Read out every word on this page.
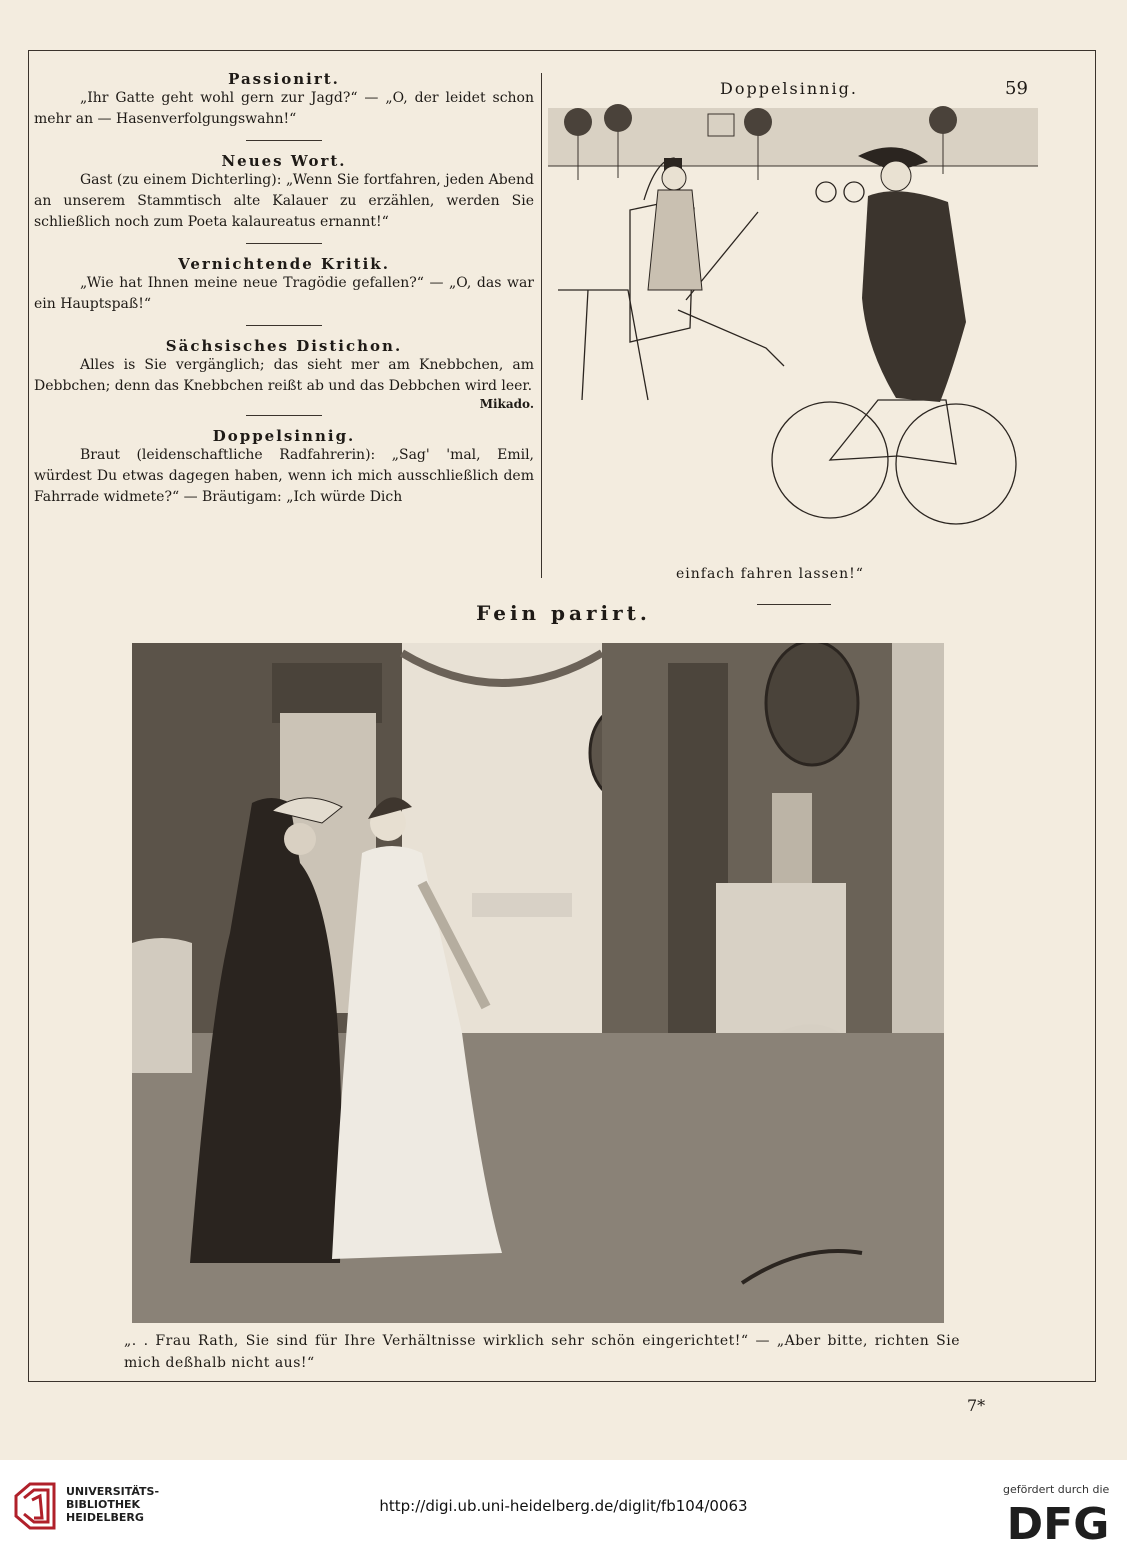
Passionirt.

„Ihr Gatte geht wohl gern zur Jagd?“ — „O, der leidet schon mehr an — Hasenverfolgungswahn!“

Neues Wort.

Gast (zu einem Dichterling): „Wenn Sie fortfahren, jeden Abend an unserem Stammtisch alte Kalauer zu erzählen, werden Sie schließlich noch zum Poeta kalaureatus ernannt!“

Vernichtende Kritik.

„Wie hat Ihnen meine neue Tragödie gefallen?“ — „O, das war ein Hauptspaß!“

Sächsisches Distichon.

Alles is Sie vergänglich; das sieht mer am Knebbchen, am Debbchen; denn das Knebbchen reißt ab und das Debbchen wird leer.

Mikado.

Doppelsinnig.

Braut (leidenschaftliche Radfahrerin): „Sag' 'mal, Emil, würdest Du etwas dagegen haben, wenn ich mich ausschließlich dem Fahrrade widmete?“ — Bräutigam: „Ich würde Dich

Doppelsinnig.	59
einfach fahren lassen!“
Fein parirt.
„. . Frau Rath, Sie sind für Ihre Verhältnisse wirklich sehr schön eingerichtet!“ — „Aber bitte, richten Sie mich deßhalb nicht aus!“
7*
UNIVERSITÄTS-
BIBLIOTHEK
HEIDELBERG
http://digi.ub.uni-heidelberg.de/diglit/fb104/0063
gefördert durch die
DFG
